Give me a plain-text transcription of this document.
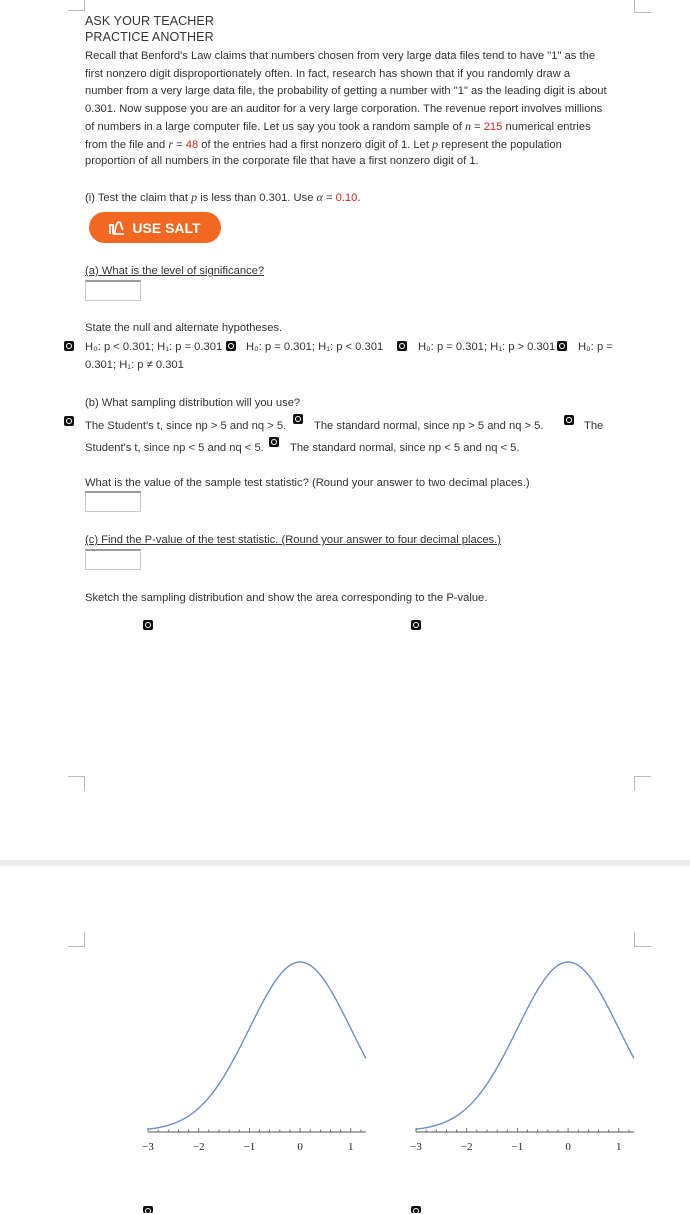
ASK YOUR TEACHER
PRACTICE ANOTHER
Recall that Benford's Law claims that numbers chosen from very large data files tend to have "1" as the
first nonzero digit disproportionately often. In fact, research has shown that if you randomly draw a
number from a very large data file, the probability of getting a number with "1" as the leading digit is about
0.301. Now suppose you are an auditor for a very large corporation. The revenue report involves millions
of numbers in a large computer file. Let us say you took a random sample of n = 215 numerical entries
from the file and r = 48 of the entries had a first nonzero digit of 1. Let p represent the population
proportion of all numbers in the corporate file that have a first nonzero digit of 1.
(i) Test the claim that p is less than 0.301. Use α = 0.10.
USE SALT
(a) What is the level of significance?
State the null and alternate hypotheses.
H₀: p < 0.301; H₁: p = 0.301 H₀: p = 0.301; H₁: p < 0.301	H₀: p = 0.301; H₁: p > 0.301 H₀: p =
0.301; H₁: p ≠ 0.301
(b) What sampling distribution will you use?
The Student's t, since np > 5 and nq > 5. The standard normal, since np > 5 and nq > 5.	The
Student's t, since np < 5 and nq < 5. The standard normal, since np < 5 and nq < 5.
What is the value of the sample test statistic? (Round your answer to two decimal places.)
(c) Find the P-value of the test statistic. (Round your answer to four decimal places.)
Sketch the sampling distribution and show the area corresponding to the P-value.
−3	−2	−1	0	1	−3	−2	−1	0	1
